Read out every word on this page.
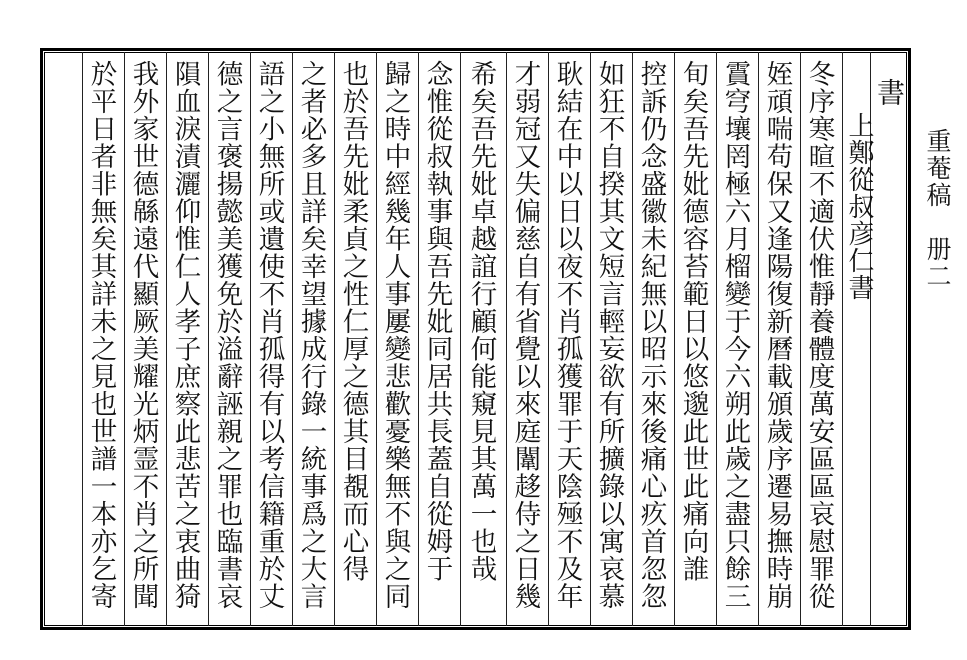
書
上鄭從叔彦仁書
冬序寒暄不適伏惟靜養體度萬安區區哀慰罪從
姪頑喘苟保又逢陽復新曆載頒歲序遷易撫時崩
霣穹壤罔極六月榴變于今六朔此歲之盡只餘三
旬矣吾先妣德容苔範日以悠邈此世此痛向誰
控訴仍念盛徽未紀無以昭示來後痛心疚首忽忽
如狂不自揆其文短言輕妄欲有所擴錄以寓哀慕
耿結在中以日以夜不肖孤獲罪于天陰殛不及年
才弱冠又失偏慈自有省覺以來庭闈趍侍之日幾
希矣吾先妣卓越誼行顧何能窺見其萬一也哉
念惟從叔執事與吾先妣同居共長蓋自從姆于
歸之時中經幾年人事屢變悲歡憂樂無不與之同
也於吾先妣柔貞之性仁厚之德其目覩而心得
之者必多且詳矣幸望據成行錄一統事爲之大言
語之小無所或遺使不肖孤得有以考信籍重於丈
德之言褒揚懿美獲免於溢辭誣親之罪也臨書哀
隕血淚漬灑仰惟仁人孝子庶察此悲苦之衷曲猗
我外家世德緜遠代顯厥美耀光炳霊不肖之所聞
於平日者非無矣其詳未之見也世譜一本亦乞寄	重菴稿　册二
